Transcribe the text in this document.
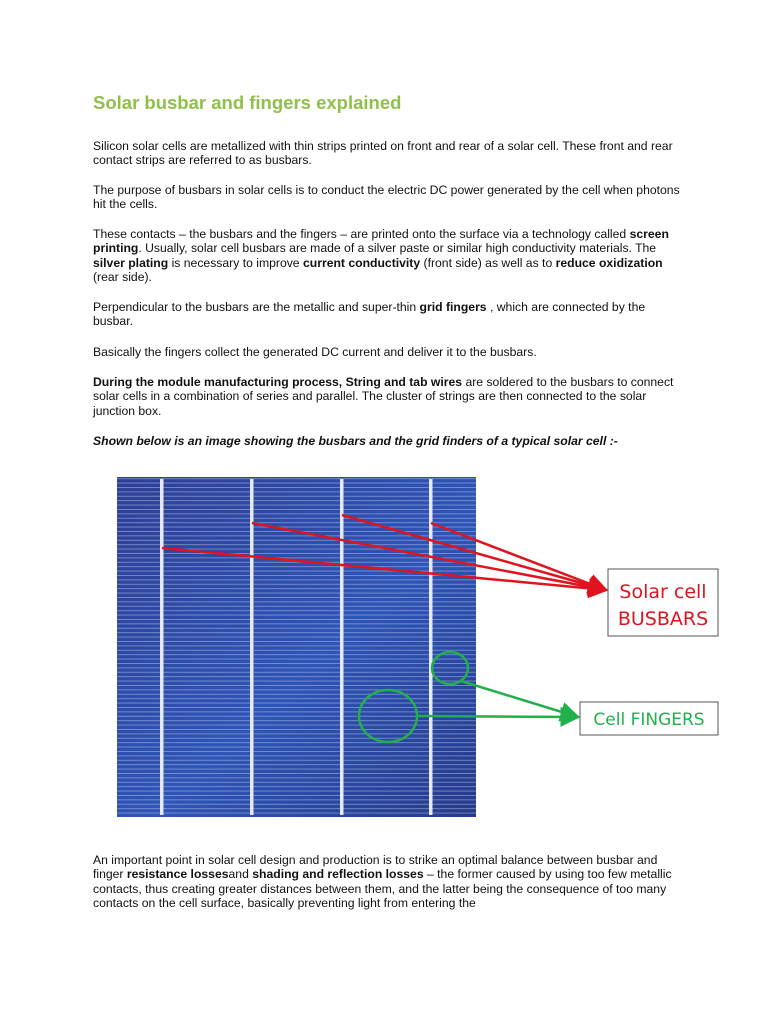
Solar busbar and fingers explained

Silicon solar cells are metallized with thin strips printed on front and rear of a solar cell. These front and rear contact strips are referred to as busbars.

The purpose of busbars in solar cells is to conduct the electric DC power generated by the cell when photons hit the cells.

These contacts – the busbars and the fingers – are printed onto the surface via a technology called screen printing. Usually, solar cell busbars are made of a silver paste or similar high conductivity materials. The silver plating is necessary to improve current conductivity (front side) as well as to reduce oxidization (rear side).

Perpendicular to the busbars are the metallic and super-thin grid fingers , which are connected by the busbar.

Basically the fingers collect the generated DC current and deliver it to the busbars.

During the module manufacturing process, String and tab wires are soldered to the busbars to connect solar cells in a combination of series and parallel. The cluster of strings are then connected to the solar junction box.

Shown below is an image showing the busbars and the grid finders of a typical solar cell :-

Solar cell
BUSBARS
Cell FINGERS

An important point in solar cell design and production is to strike an optimal balance between busbar and finger resistance lossesand shading and reflection losses – the former caused by using too few metallic contacts, thus creating greater distances between them, and the latter being the consequence of too many contacts on the cell surface, basically preventing light from entering the
